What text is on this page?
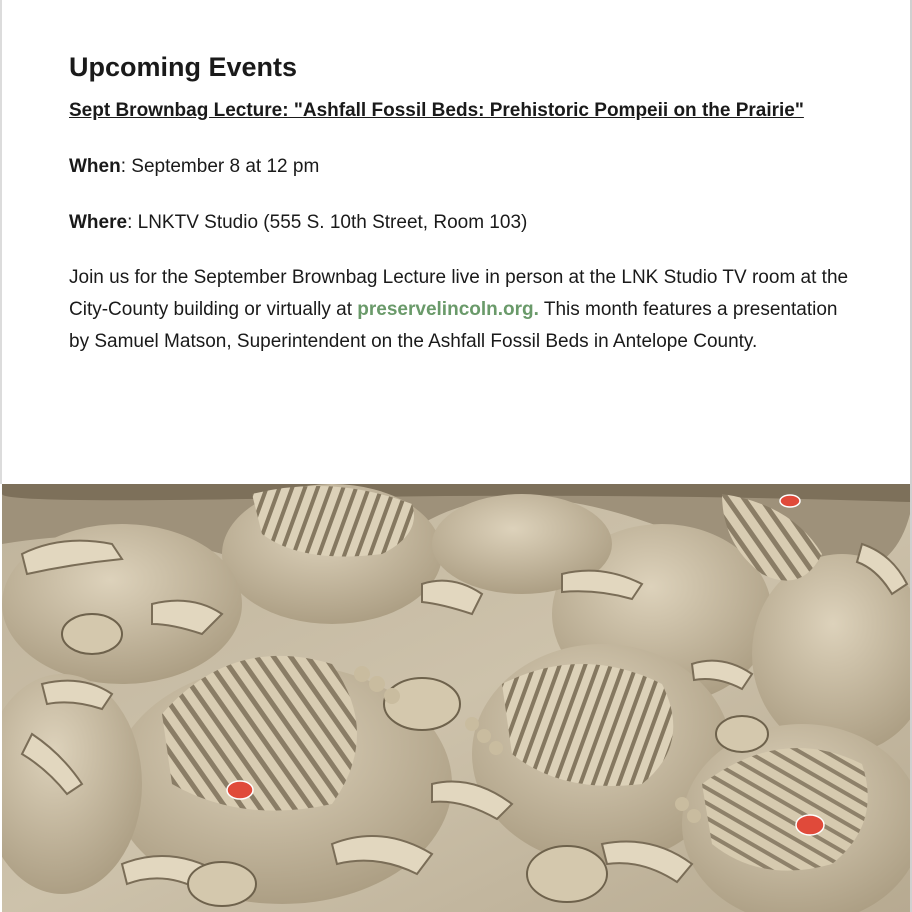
Upcoming Events
Sept Brownbag Lecture: "Ashfall Fossil Beds: Prehistoric Pompeii on the Prairie"
When: September 8 at 12 pm
Where: LNKTV Studio (555 S. 10th Street, Room 103)
Join us for the September Brownbag Lecture live in person at the LNK Studio TV room at the City-County building or virtually at preservelincoln.org. This month features a presentation by Samuel Matson, Superintendent on the Ashfall Fossil Beds in Antelope County.
